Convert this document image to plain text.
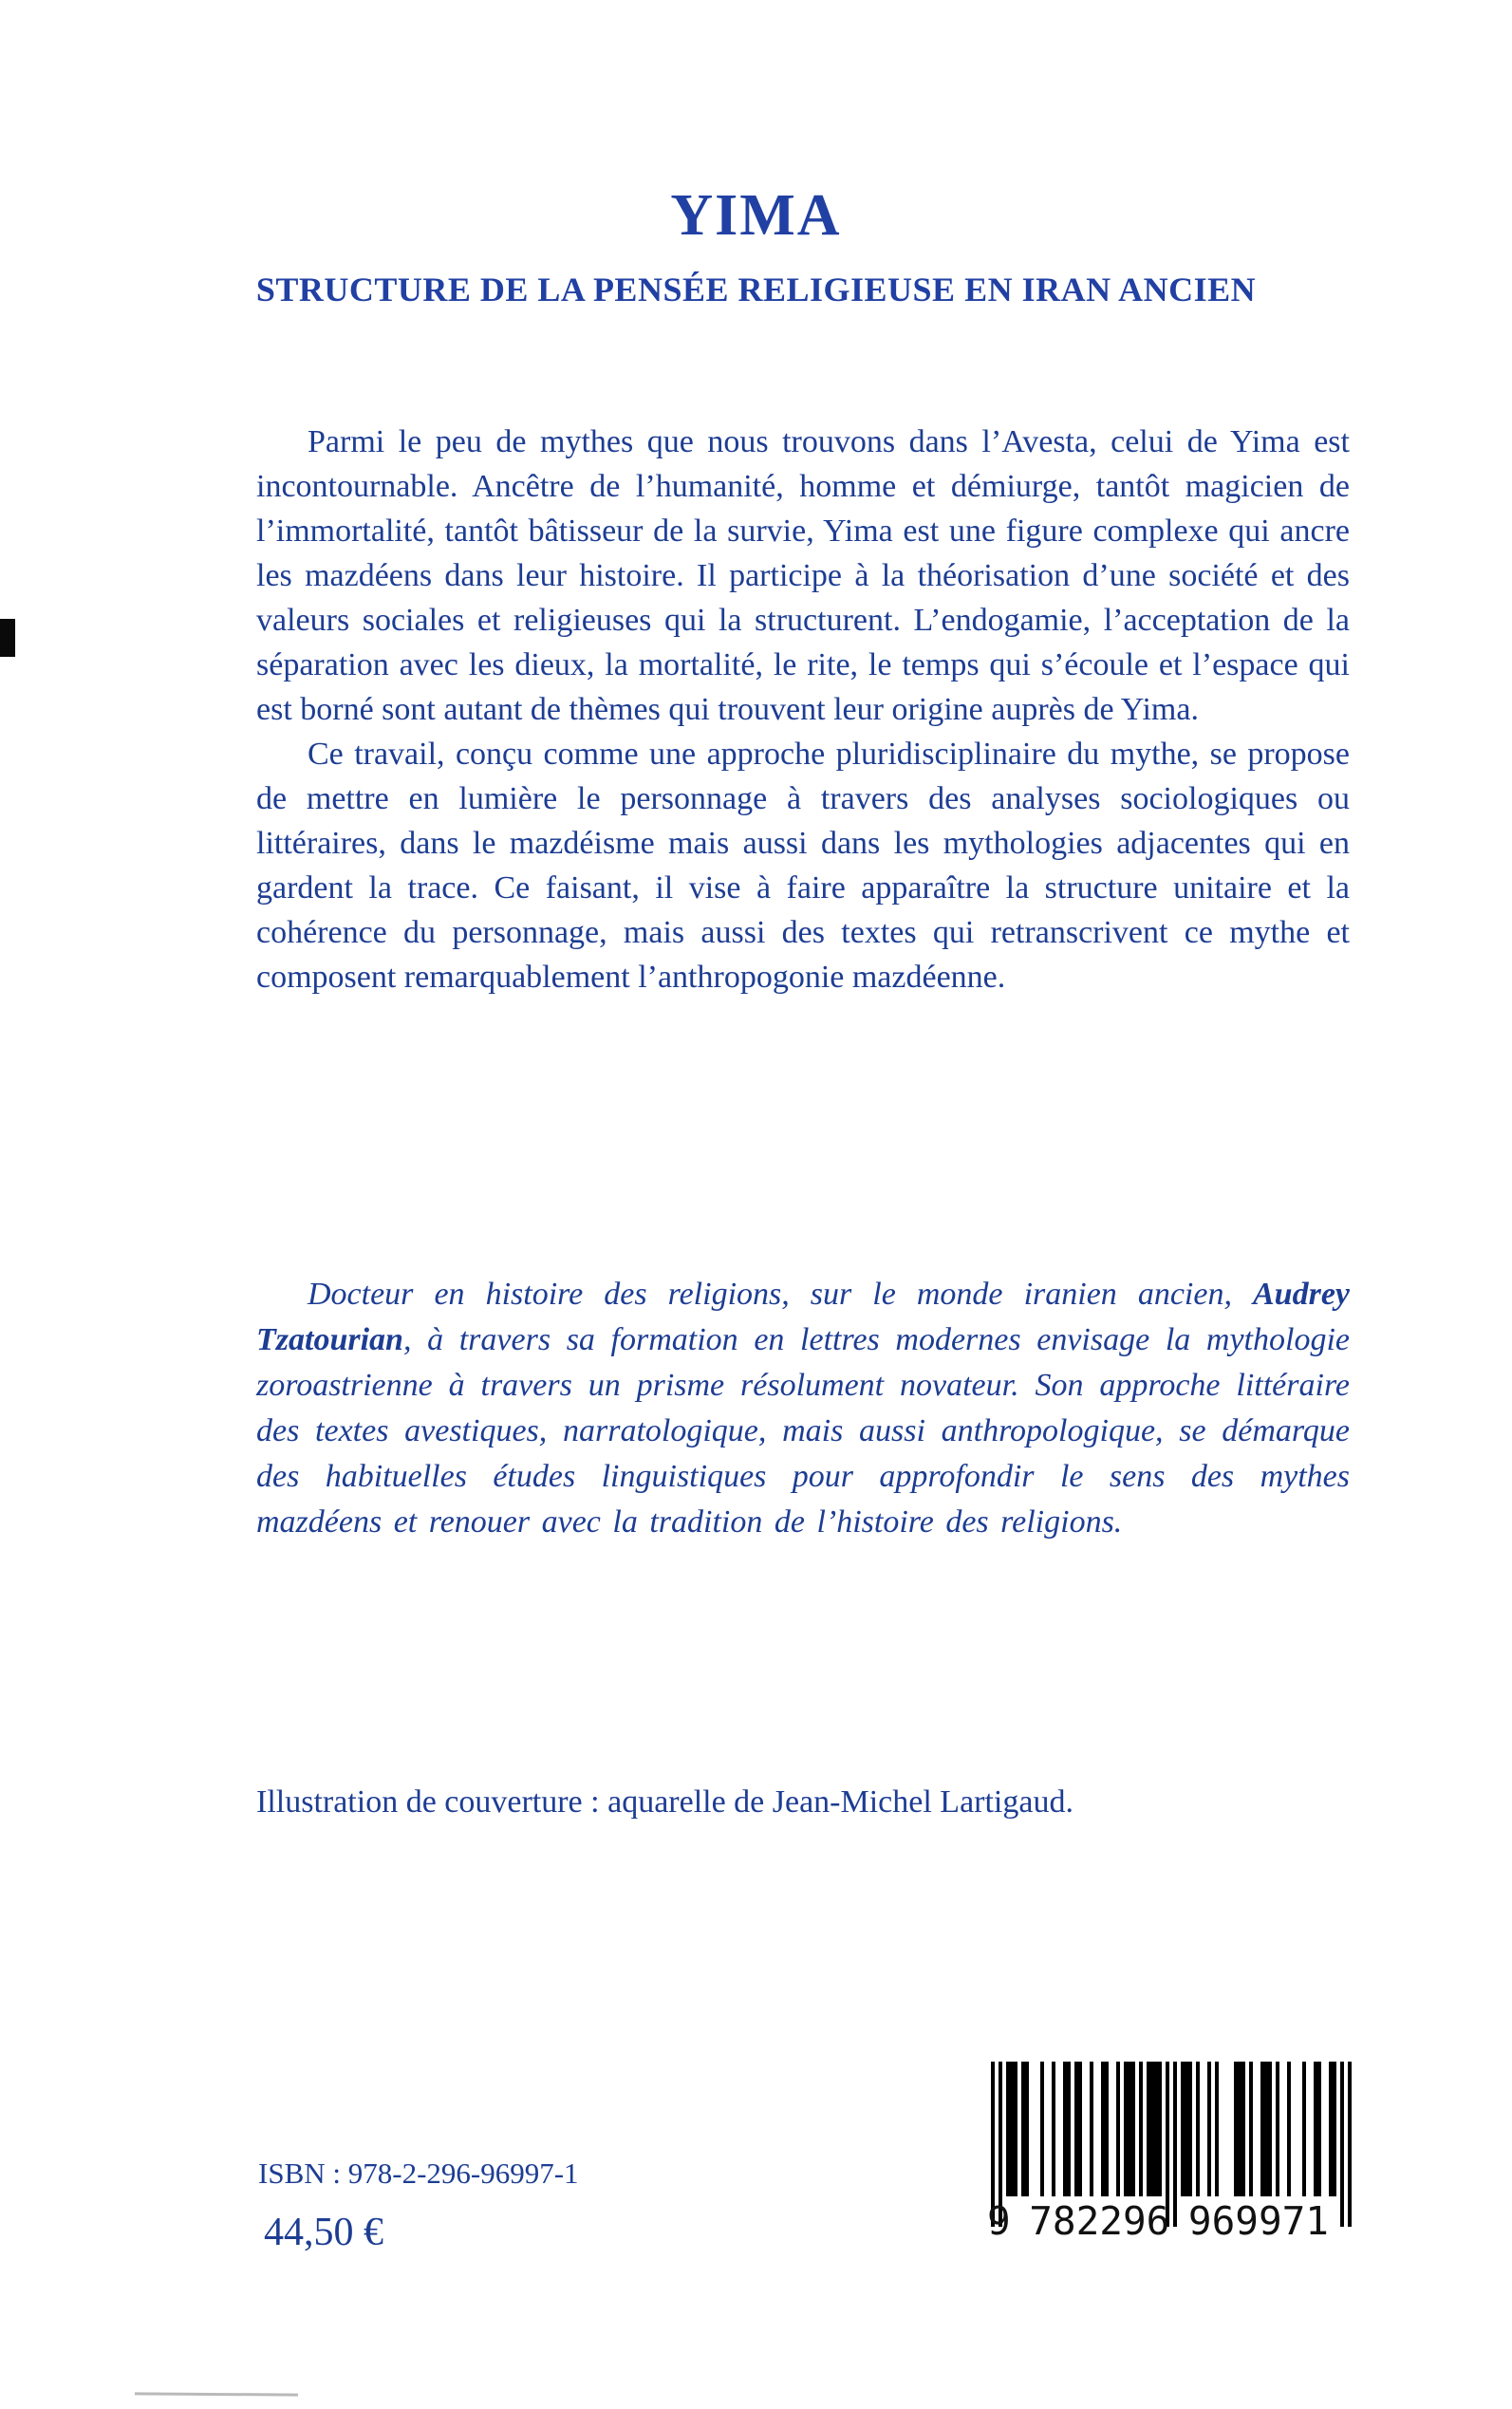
YIMA
STRUCTURE DE LA PENSÉE RELIGIEUSE EN IRAN ANCIEN

Parmi le peu de mythes que nous trouvons dans l’Avesta, celui de Yima est incontournable. Ancêtre de l’humanité, homme et démiurge, tantôt magicien de l’immortalité, tantôt bâtisseur de la survie, Yima est une figure complexe qui ancre les mazdéens dans leur histoire. Il participe à la théorisation d’une société et des valeurs sociales et religieuses qui la structurent. L’endogamie, l’acceptation de la séparation avec les dieux, la mortalité, le rite, le temps qui s’écoule et l’espace qui est borné sont autant de thèmes qui trouvent leur origine auprès de Yima.

Ce travail, conçu comme une approche pluridisciplinaire du mythe, se propose de mettre en lumière le personnage à travers des analyses sociologiques ou littéraires, dans le mazdéisme mais aussi dans les mythologies adjacentes qui en gardent la trace. Ce faisant, il vise à faire apparaître la structure unitaire et la cohérence du personnage, mais aussi des textes qui retranscrivent ce mythe et composent remarquablement l’anthropogonie mazdéenne.

Docteur en histoire des religions, sur le monde iranien ancien, Audrey Tzatourian, à travers sa formation en lettres modernes envisage la mythologie zoroastrienne à travers un prisme résolument novateur. Son approche littéraire des textes avestiques, narratologique, mais aussi anthropologique, se démarque des habituelles études linguistiques pour approfondir le sens des mythes mazdéens et renouer avec la tradition de l’histoire des religions.
Illustration de couverture : aquarelle de Jean-Michel Lartigaud.
ISBN : 978-2-296-96997-1
44,50 €	9 782296 969971
